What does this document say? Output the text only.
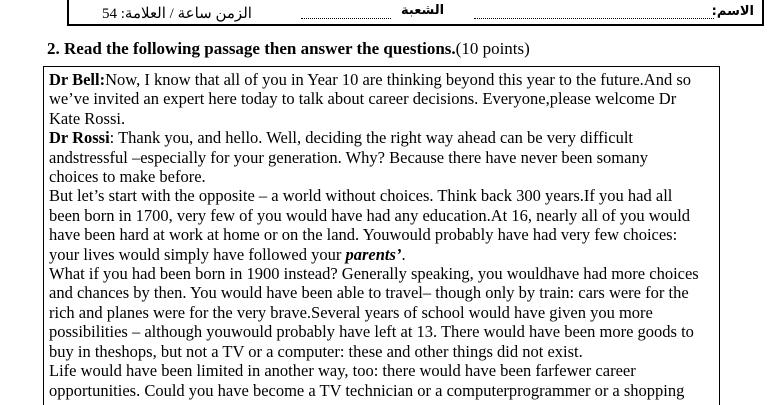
الاسم:
الشعبة
الزمن ساعة / العلامة: 54
2. Read the following passage then answer the questions.(10 points)
Dr Bell:Now, I know that all of you in Year 10 are thinking beyond this year to the future.And so
we’ve invited an expert here today to talk about career decisions. Everyone,please welcome Dr
Kate Rossi.
Dr Rossi: Thank you, and hello. Well, deciding the right way ahead can be very difficult
andstressful –especially for your generation. Why? Because there have never been somany
choices to make before.
But let’s start with the opposite – a world without choices. Think back 300 years.If you had all
been born in 1700, very few of you would have had any education.At 16, nearly all of you would
have been hard at work at home or on the land. Youwould probably have had very few choices:
your lives would simply have followed your parents’.
What if you had been born in 1900 instead? Generally speaking, you wouldhave had more choices
and chances by then. You would have been able to travel– though only by train: cars were for the
rich and planes were for the very brave.Several years of school would have given you more
possibilities – although youwould probably have left at 13. There would have been more goods to
buy in theshops, but not a TV or a computer: these and other things did not exist.
Life would have been limited in another way, too: there would have been farfewer career
opportunities. Could you have become a TV technician or a computerprogrammer or a shopping
